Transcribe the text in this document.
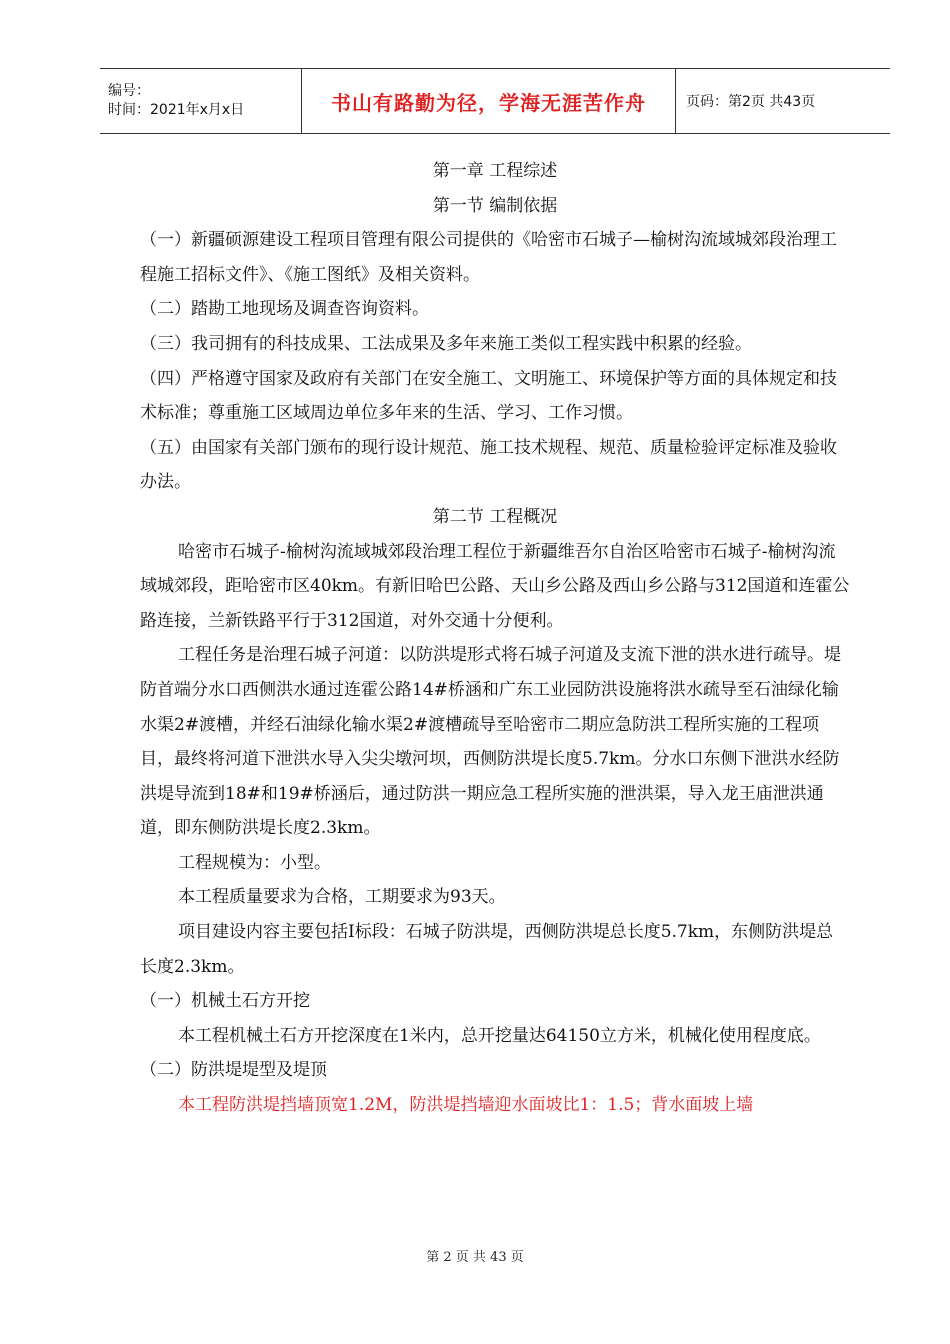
编号：
时间：2021年x月x日	书山有路勤为径，学海无涯苦作舟	页码：第2页 共43页

第一章 工程综述

第一节 编制依据

（一）新疆硕源建设工程项目管理有限公司提供的《哈密市石城子—榆树沟流域城郊段治理工程施工招标文件》、《施工图纸》及相关资料。

（二）踏勘工地现场及调查咨询资料。

（三）我司拥有的科技成果、工法成果及多年来施工类似工程实践中积累的经验。

（四）严格遵守国家及政府有关部门在安全施工、文明施工、环境保护等方面的具体规定和技术标准；尊重施工区域周边单位多年来的生活、学习、工作习惯。

（五）由国家有关部门颁布的现行设计规范、施工技术规程、规范、质量检验评定标准及验收办法。

第二节 工程概况

哈密市石城子-榆树沟流域城郊段治理工程位于新疆维吾尔自治区哈密市石城子-榆树沟流域城郊段，距哈密市区40km。有新旧哈巴公路、天山乡公路及西山乡公路与312国道和连霍公路连接，兰新铁路平行于312国道，对外交通十分便利。

工程任务是治理石城子河道：以防洪堤形式将石城子河道及支流下泄的洪水进行疏导。堤防首端分水口西侧洪水通过连霍公路14#桥涵和广东工业园防洪设施将洪水疏导至石油绿化输水渠2#渡槽，并经石油绿化输水渠2#渡槽疏导至哈密市二期应急防洪工程所实施的工程项目，最终将河道下泄洪水导入尖尖墩河坝，西侧防洪堤长度5.7km。分水口东侧下泄洪水经防洪堤导流到18#和19#桥涵后，通过防洪一期应急工程所实施的泄洪渠，导入龙王庙泄洪通道，即东侧防洪堤长度2.3km。

工程规模为：小型。

本工程质量要求为合格，工期要求为93天。

项目建设内容主要包括Ⅰ标段：石城子防洪堤，西侧防洪堤总长度5.7km，东侧防洪堤总长度2.3km。

（一）机械土石方开挖

本工程机械土石方开挖深度在1米内，总开挖量达64150立方米，机械化使用程度底。

（二）防洪堤堤型及堤顶

本工程防洪堤挡墙顶宽1.2M，防洪堤挡墙迎水面坡比1：1.5；背水面坡上墙

第 2 页 共 43 页
